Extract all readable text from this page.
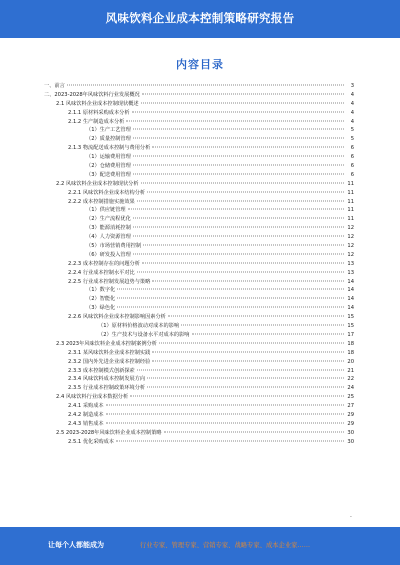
风味饮料企业成本控制策略研究报告
内容目录
一、前言	3
二、2023-2028年风味饮料行业发展概况	4
2.1 风味饮料企业成本控制现状概述	4
2.1.1 原材料采购成本分析	4
2.1.2 生产制造成本分析	4
（1）生产工艺管理	5
（2）质量控制管理	5
2.1.3 物流配送成本控制与费用分析	6
（1）运输费用管理	6
（2）仓储费用管理	6
（3）配送费用管理	6
2.2 风味饮料企业成本控制现状分析	11
2.2.1 风味饮料企业成本结构分析	11
2.2.2 成本控制措施实施效果	11
（1）供应链管理	11
（2）生产流程优化	11
（3）能源消耗控制	12
（4）人力资源管理	12
（5）市场营销费用控制	12
（6）研发投入管理	12
2.2.3 成本控制存在的问题分析	13
2.2.4 行业成本控制水平对比	13
2.2.5 行业成本控制发展趋势与策略	14
（1）数字化	14
（2）智能化	14
（3）绿色化	14
2.2.6 风味饮料企业成本控制影响因素分析	15
（1）原材料价格波动对成本的影响	15
（2）生产技术与设备水平对成本的影响	17
2.3 2023年风味饮料企业成本控制案例分析	18
2.3.1 某风味饮料企业成本控制实践	18
2.3.2 国内外先进企业成本控制经验	20
2.3.3 成本控制模式创新探索	21
2.3.4 风味饮料成本控制发展方向	22
2.3.5 行业成本控制政策环境分析	24
2.4 风味饮料行业成本数据分析	25
2.4.1 采购成本	27
2.4.2 制造成本	29
2.4.3 销售成本	29
2.5 2023-2028年风味饮料企业成本控制策略	30
2.5.1 优化采购成本	30
-
让每个人都能成为	行业专家、管理专家、营销专家、战略专家、成本企业家……
